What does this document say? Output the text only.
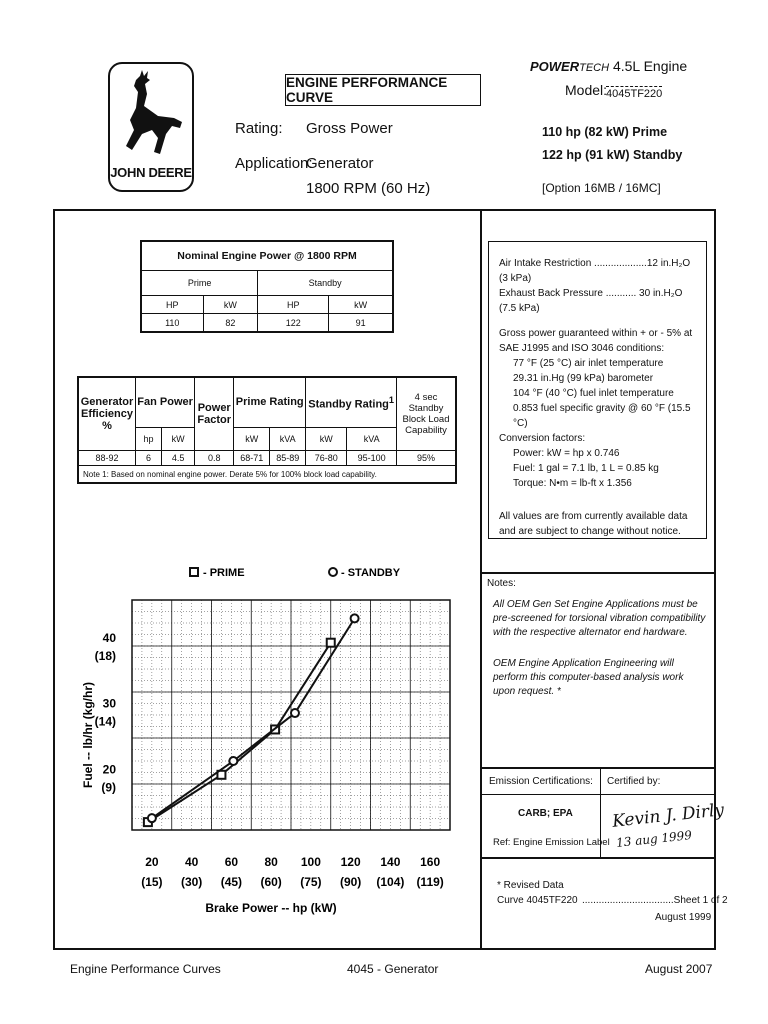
JOHN DEERE
ENGINE PERFORMANCE CURVE
Rating: Gross Power
Application:
Generator
1800 RPM (60 Hz)
POWERTECH 4.5L Engine
Model:
4045TF220
110 hp (82 kW) Prime
122 hp (91 kW) Standby
[Option 16MB / 16MC]
Nominal Engine Power @ 1800 RPM			
Prime		Standby	
HP	kW	HP	kW
110	82	122	91
Generator Efficiency %	Fan Power		Power Factor	Prime Rating		Standby Rating$^1$		4 sec Standby Block Load Capability
	hp	kW		kW	kVA	kW	kVA	
88-92	6	4.5	0.8	68-71	85-89	76-80	95-100	95%
Note 1: Based on nominal engine power. Derate 5% for 100% block load capability.								
Air Intake Restriction ...................12 in.H₂O (3 kPa)
Exhaust Back Pressure ........... 30 in.H₂O (7.5 kPa)
Gross power guaranteed within + or - 5% at SAE J1995 and ISO 3046 conditions:
77 °F (25 °C) air inlet temperature
29.31 in.Hg (99 kPa) barometer
104 °F (40 °C) fuel inlet temperature
0.853 fuel specific gravity @ 60 °F (15.5 °C)
Conversion factors:
Power: kW = hp x 0.746
Fuel: 1 gal = 7.1 lb, 1 L = 0.85 kg
Torque: N•m = lb-ft x 1.356
All values are from currently available data and are subject to change without notice.
Notes:
All OEM Gen Set Engine Applications must be pre-screened for torsional vibration compatibility with the respective alternator end hardware.
OEM Engine Application Engineering will perform this computer-based analysis work upon request. *
Emission Certifications: Certified by:
CARB; EPA
Ref: Engine Emission Label
Kevin J. Dirly
13 aug 1999
* Revised Data
Curve 4045TF220 .................................Sheet 1 of 2
August 1999
- PRIME	- STANDBY
20
(15)
40
(30)
60
(45)
80
(60)
100
(75)
120
(90)
140
(104)
160
(119)
40
(18)
30
(14)
20
(9)
Brake Power -- hp (kW)
Fuel -- lb/hr (kg/hr)
Engine Performance Curves	4045 - Generator	August 2007
